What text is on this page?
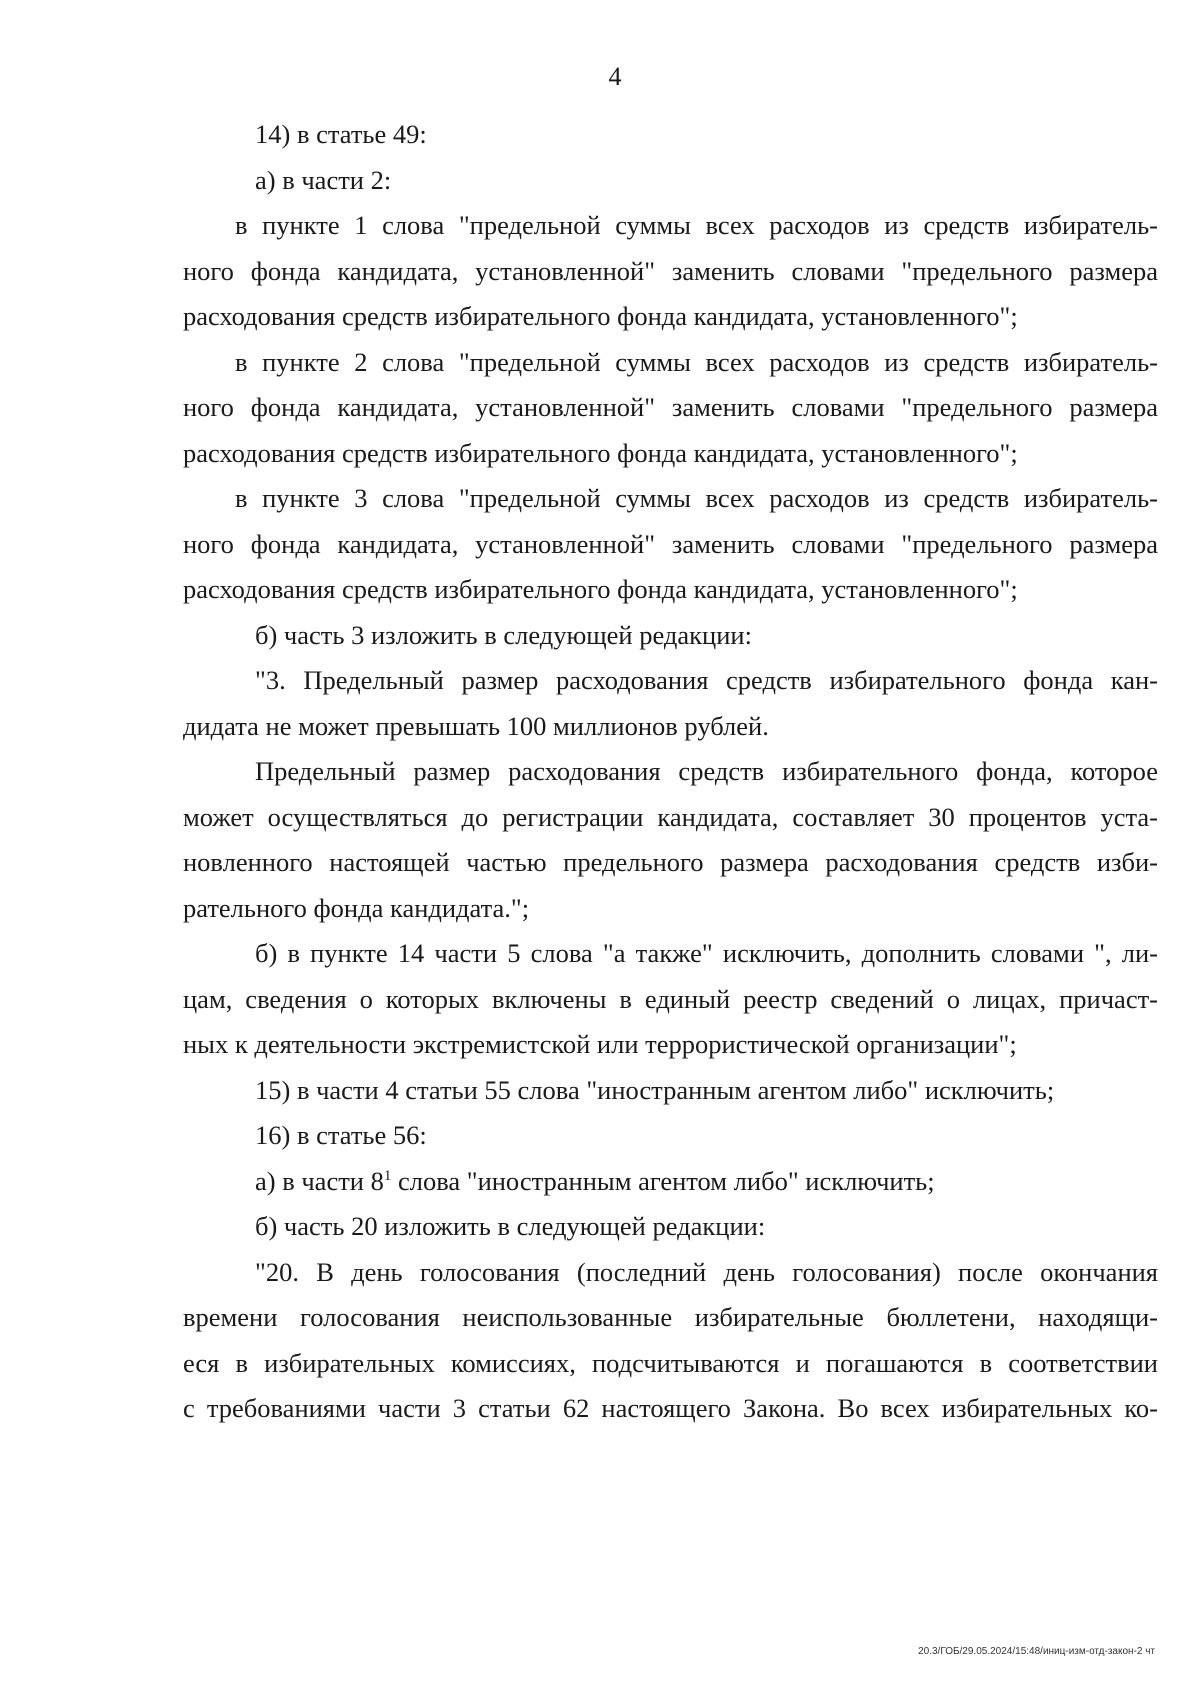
4
14) в статье 49:
а) в части 2:
в пункте 1 слова "предельной суммы всех расходов из средств избиратель-
ного фонда кандидата, установленной" заменить словами "предельного размера
расходования средств избирательного фонда кандидата, установленного";
в пункте 2 слова "предельной суммы всех расходов из средств избиратель-
ного фонда кандидата, установленной" заменить словами "предельного размера
расходования средств избирательного фонда кандидата, установленного";
в пункте 3 слова "предельной суммы всех расходов из средств избиратель-
ного фонда кандидата, установленной" заменить словами "предельного размера
расходования средств избирательного фонда кандидата, установленного";
б) часть 3 изложить в следующей редакции:
"3. Предельный размер расходования средств избирательного фонда кан-
дидата не может превышать 100 миллионов рублей.
Предельный размер расходования средств избирательного фонда, которое
может осуществляться до регистрации кандидата, составляет 30 процентов уста-
новленного настоящей частью предельного размера расходования средств изби-
рательного фонда кандидата.";
б) в пункте 14 части 5 слова "а также" исключить, дополнить словами ", ли-
цам, сведения о которых включены в единый реестр сведений о лицах, причаст-
ных к деятельности экстремистской или террористической организации";
15) в части 4 статьи 55 слова "иностранным агентом либо" исключить;
16) в статье 56:
а) в части $8^1$ слова "иностранным агентом либо" исключить;
б) часть 20 изложить в следующей редакции:
"20. В день голосования (последний день голосования) после окончания
времени голосования неиспользованные избирательные бюллетени, находящи-
еся в избирательных комиссиях, подсчитываются и погашаются в соответствии
с требованиями части 3 статьи 62 настоящего Закона. Во всех избирательных ко-
20.3/ГОБ/29.05.2024/15:48/иниц-изм-отд-закон-2 чт
